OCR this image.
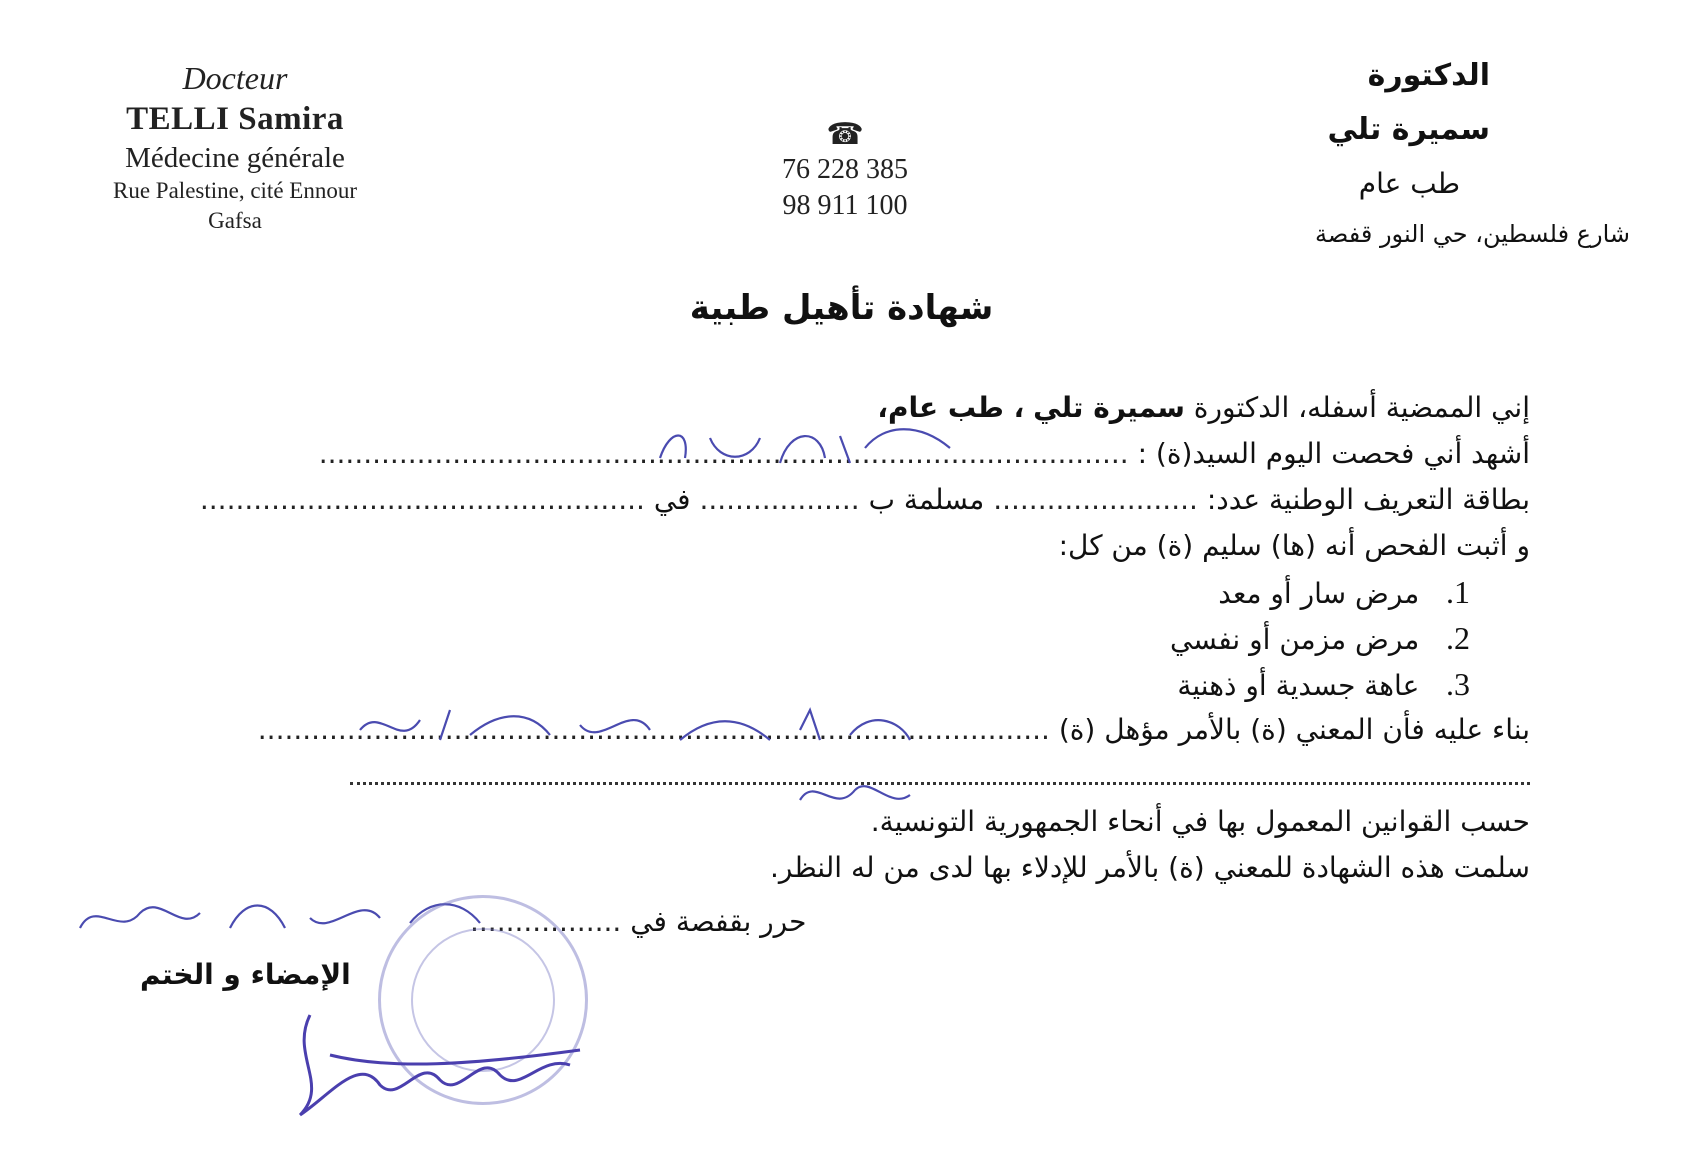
Docteur
TELLI Samira
Médecine générale
Rue Palestine, cité Ennour
Gafsa
☎
76 228 385
98 911 100
الدكتورة
سميرة تلي
طب عام
شارع فلسطين، حي النور قفصة
شهادة تأهيل طبية
إني الممضية أسفله، الدكتورة سميرة تلي ، طب عام،
أشهد أني فحصت اليوم السيد(ة) : ...........................................................................................
بطاقة التعريف الوطنية عدد: ....................... مسلمة ب .................. في ..................................................
و أثبت الفحص أنه (ها) سليم (ة) من كل:
1.   مرض سار أو معد
2.   مرض مزمن أو نفسي
3.   عاهة جسدية أو ذهنية
بناء عليه فأن المعني (ة) بالأمر مؤهل (ة) .........................................................................................
حسب القوانين المعمول بها في أنحاء الجمهورية التونسية.
سلمت هذه الشهادة للمعني (ة) بالأمر للإدلاء بها لدى من له النظر.
حرر بقفصة في .................
الإمضاء و الختم
